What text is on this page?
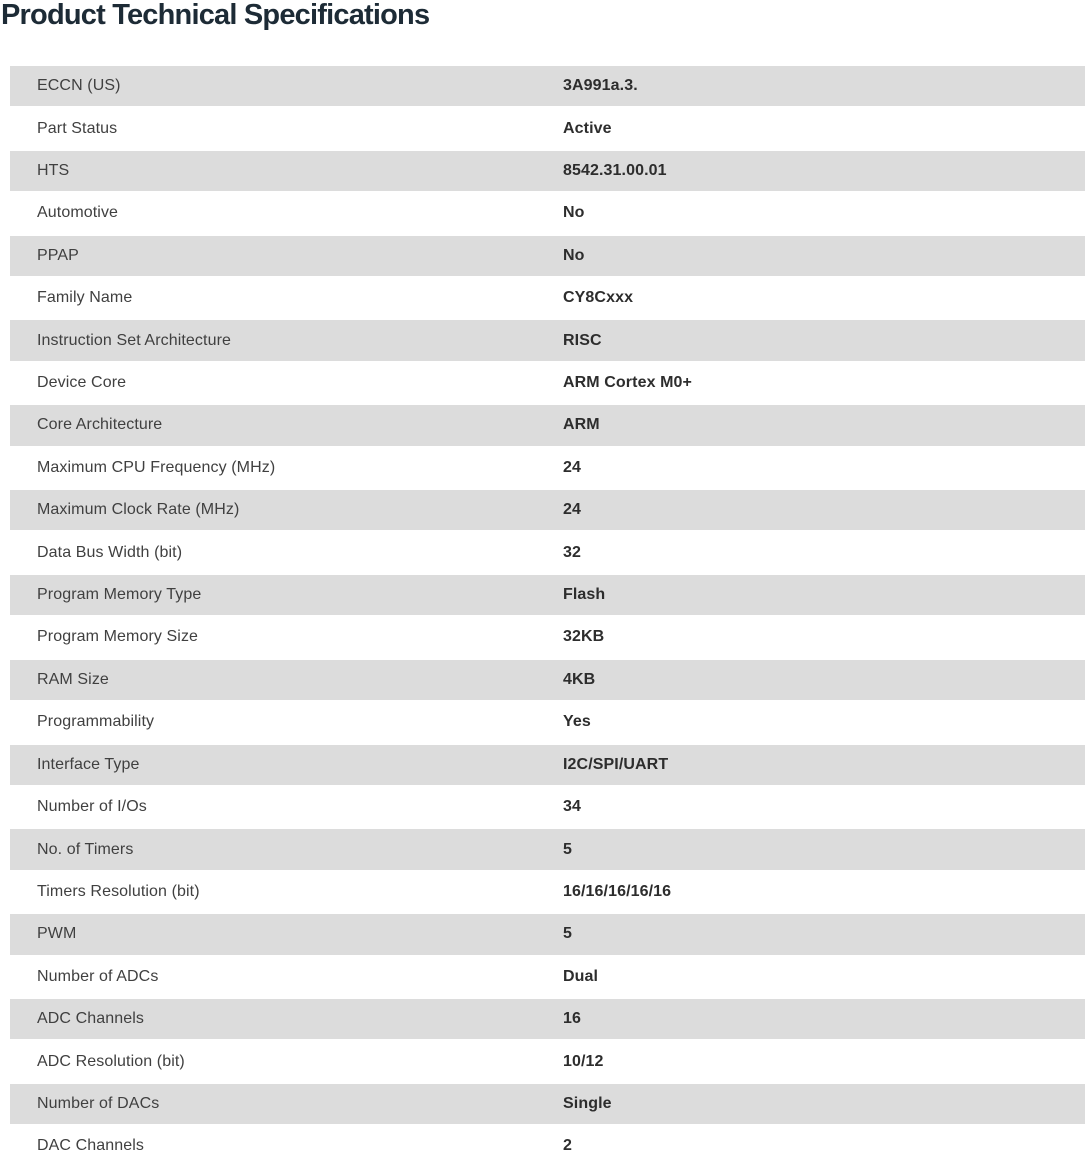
Product Technical Specifications
ECCN (US)	3A991a.3.
Part Status	Active
HTS	8542.31.00.01
Automotive	No
PPAP	No
Family Name	CY8Cxxx
Instruction Set Architecture	RISC
Device Core	ARM Cortex M0+
Core Architecture	ARM
Maximum CPU Frequency (MHz)	24
Maximum Clock Rate (MHz)	24
Data Bus Width (bit)	32
Program Memory Type	Flash
Program Memory Size	32KB
RAM Size	4KB
Programmability	Yes
Interface Type	I2C/SPI/UART
Number of I/Os	34
No. of Timers	5
Timers Resolution (bit)	16/16/16/16/16
PWM	5
Number of ADCs	Dual
ADC Channels	16
ADC Resolution (bit)	10/12
Number of DACs	Single
DAC Channels	2
